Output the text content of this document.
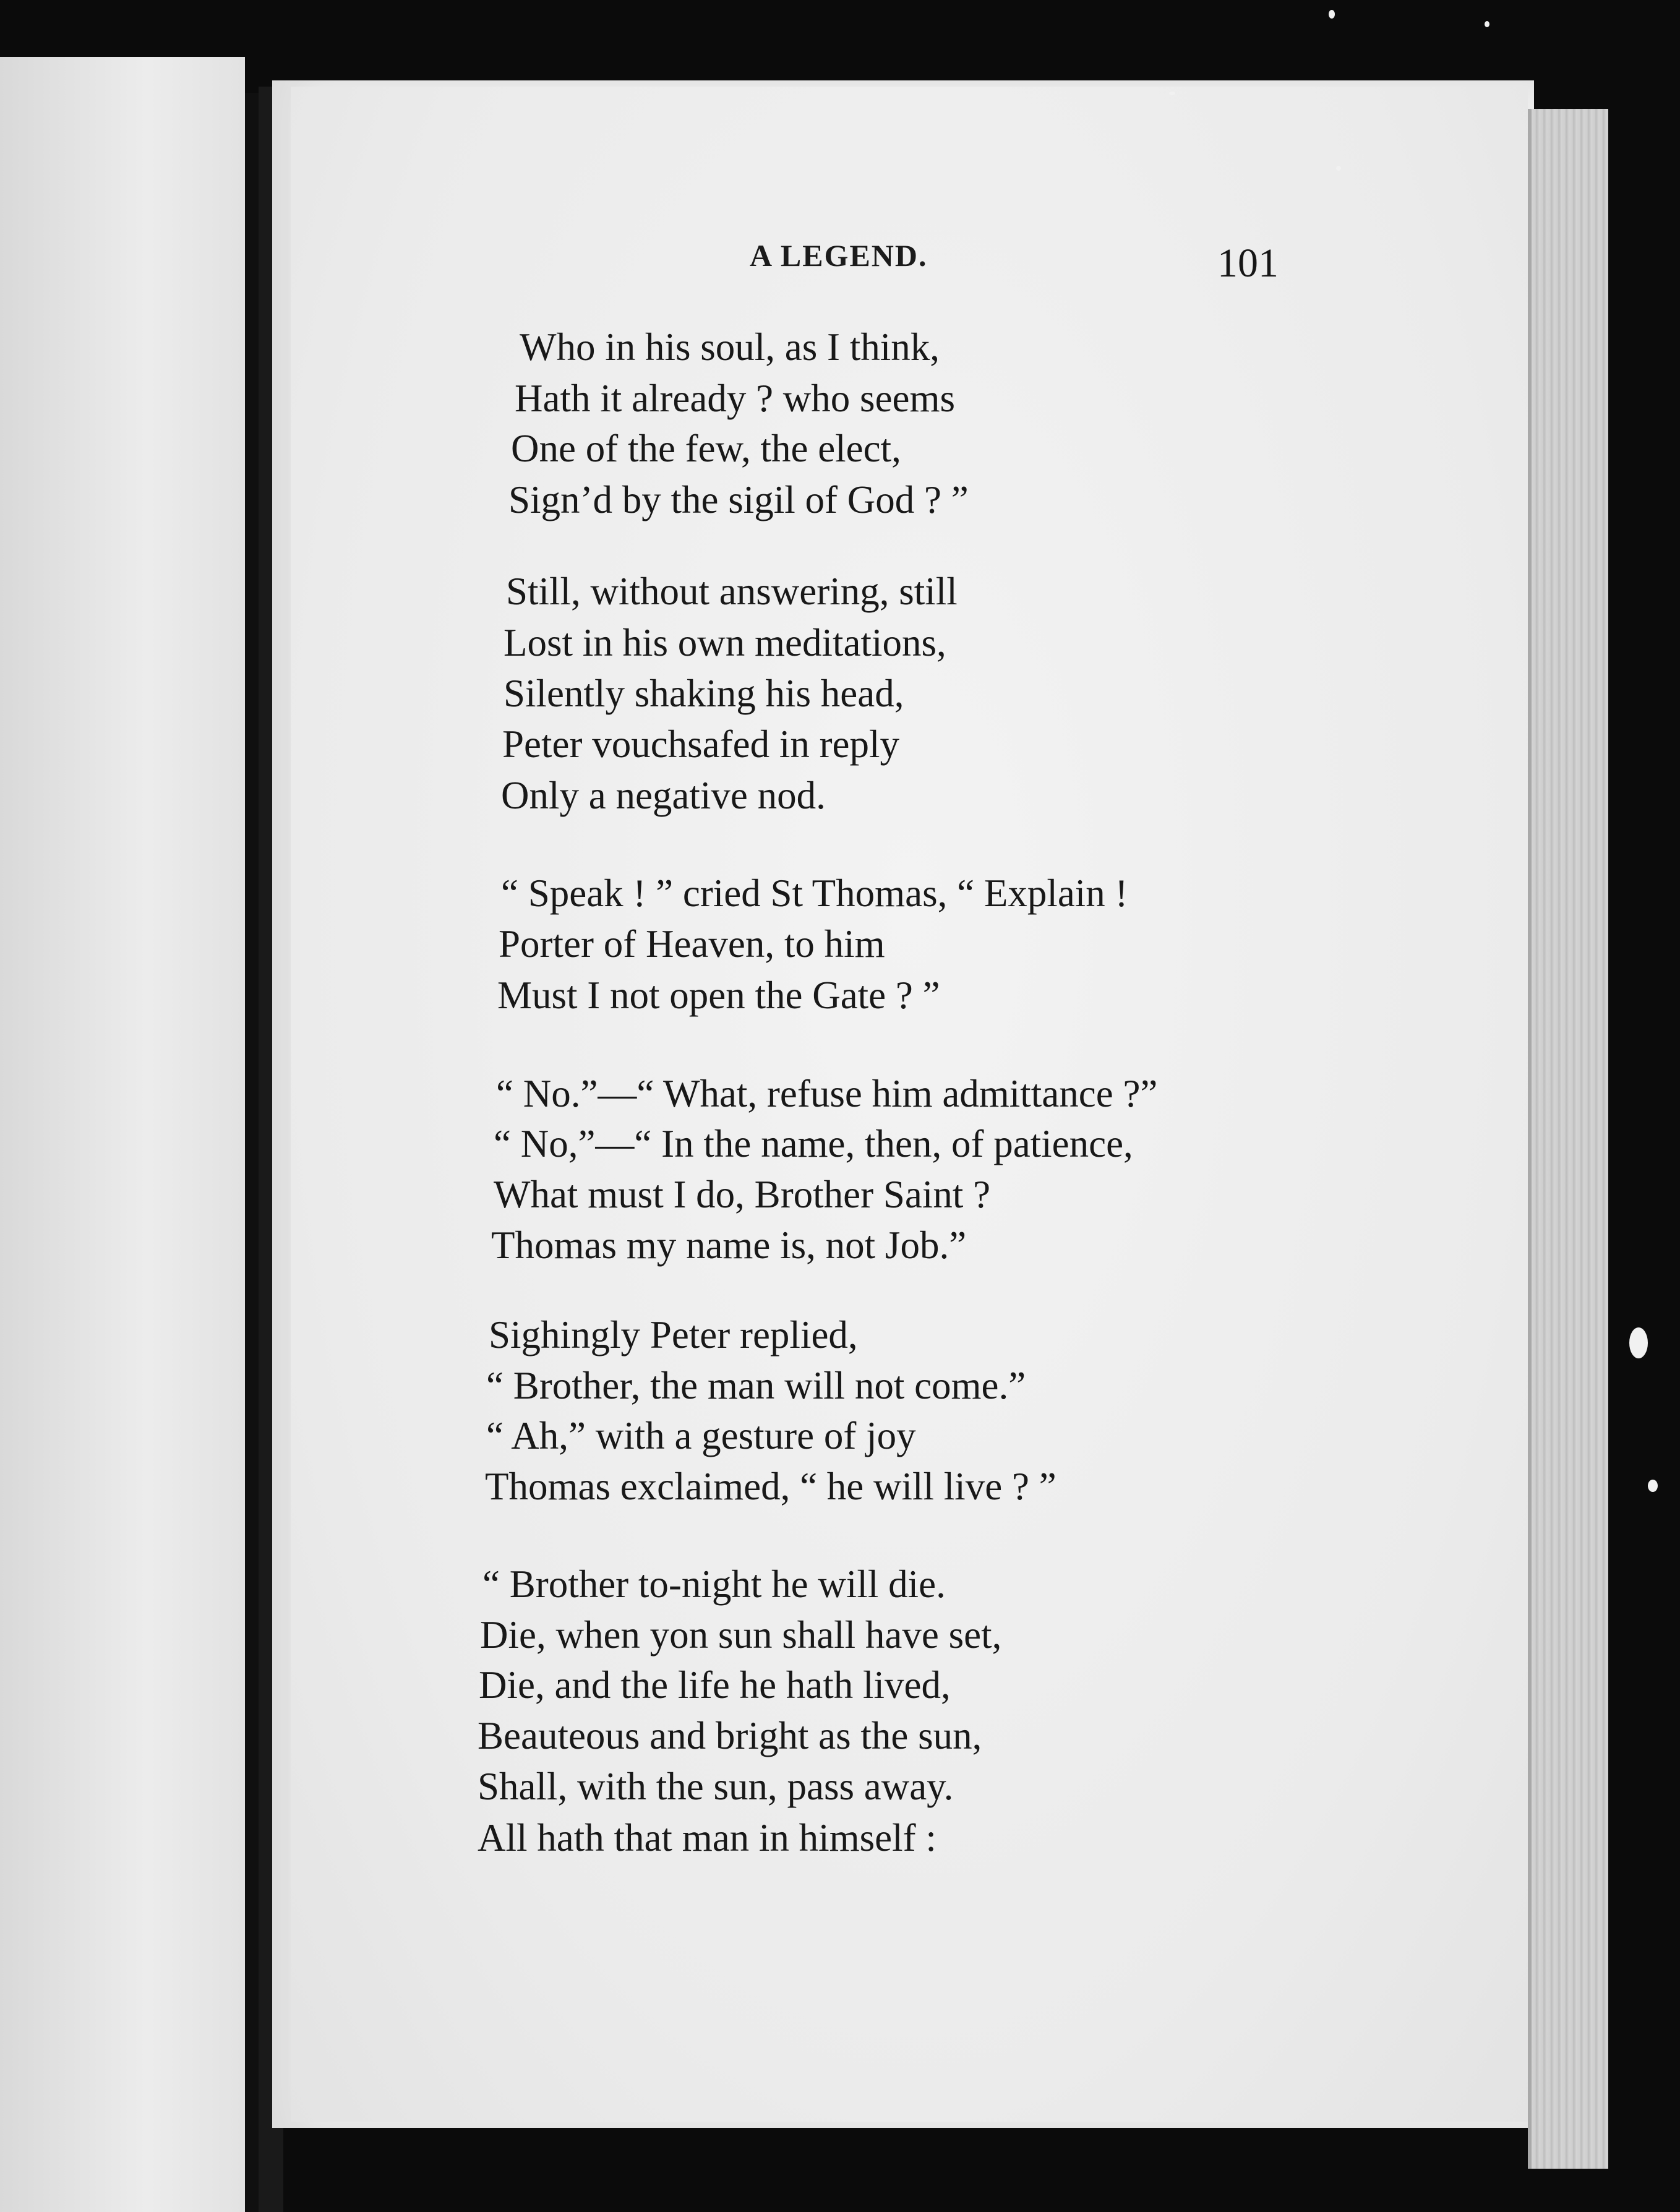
A LEGEND.	101
Who in his soul, as I think,
Hath it already ? who seems
One of the few, the elect,
Sign’d by the sigil of God ? ”
Still, without answering, still
Lost in his own meditations,
Silently shaking his head,
Peter vouchsafed in reply
Only a negative nod.
“ Speak ! ” cried St Thomas, “ Explain !
Porter of Heaven, to him
Must I not open the Gate ? ”
“ No.”—“ What, refuse him admittance ?”
“ No,”—“ In the name, then, of patience,
What must I do, Brother Saint ?
Thomas my name is, not Job.”
Sighingly Peter replied,
“ Brother, the man will not come.”
“ Ah,” with a gesture of joy
Thomas exclaimed, “ he will live ? ”
“ Brother to-night he will die.
Die, when yon sun shall have set,
Die, and the life he hath lived,
Beauteous and bright as the sun,
Shall, with the sun, pass away.
All hath that man in himself :
